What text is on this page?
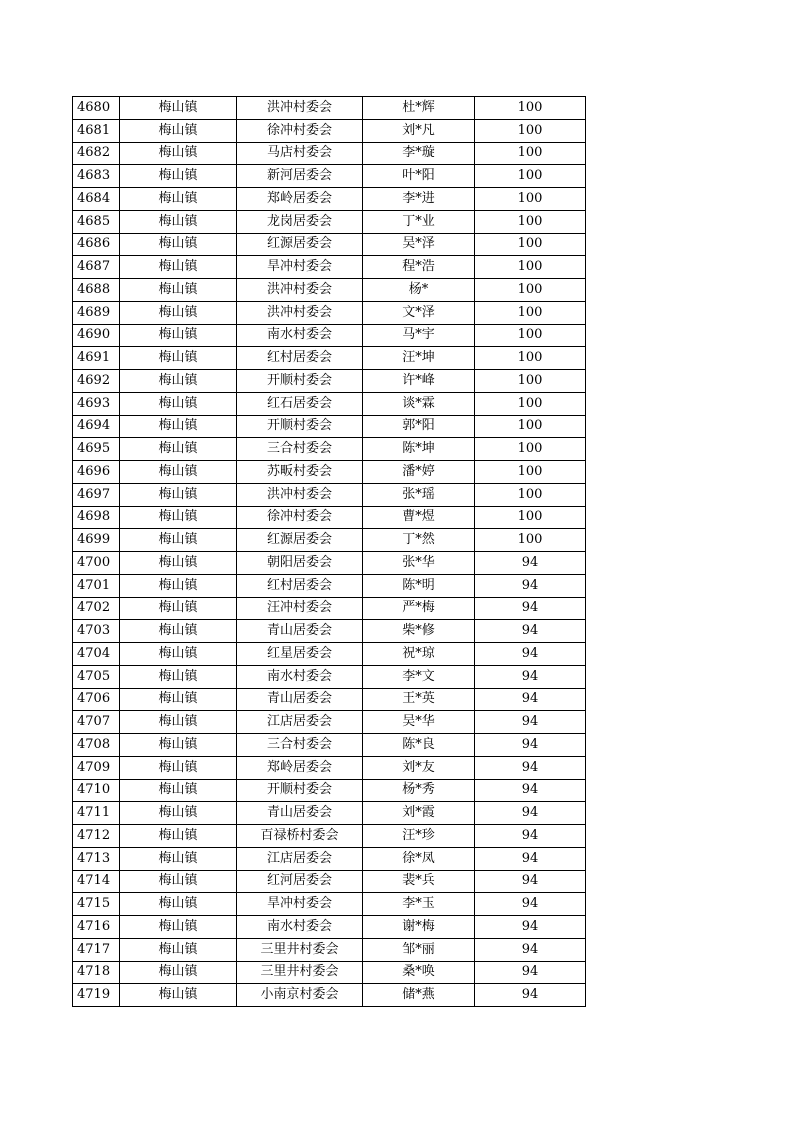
4680	梅山镇	洪冲村委会	杜*辉	100
4681	梅山镇	徐冲村委会	刘*凡	100
4682	梅山镇	马店村委会	李*璇	100
4683	梅山镇	新河居委会	叶*阳	100
4684	梅山镇	郑岭居委会	李*进	100
4685	梅山镇	龙岗居委会	丁*业	100
4686	梅山镇	红源居委会	吴*泽	100
4687	梅山镇	旱冲村委会	程*浩	100
4688	梅山镇	洪冲村委会	杨*	100
4689	梅山镇	洪冲村委会	文*泽	100
4690	梅山镇	南水村委会	马*宇	100
4691	梅山镇	红村居委会	汪*坤	100
4692	梅山镇	开顺村委会	许*峰	100
4693	梅山镇	红石居委会	谈*霖	100
4694	梅山镇	开顺村委会	郭*阳	100
4695	梅山镇	三合村委会	陈*坤	100
4696	梅山镇	苏畈村委会	潘*婷	100
4697	梅山镇	洪冲村委会	张*瑶	100
4698	梅山镇	徐冲村委会	曹*煜	100
4699	梅山镇	红源居委会	丁*然	100
4700	梅山镇	朝阳居委会	张*华	94
4701	梅山镇	红村居委会	陈*明	94
4702	梅山镇	汪冲村委会	严*梅	94
4703	梅山镇	青山居委会	柴*修	94
4704	梅山镇	红星居委会	祝*琼	94
4705	梅山镇	南水村委会	李*文	94
4706	梅山镇	青山居委会	王*英	94
4707	梅山镇	江店居委会	吴*华	94
4708	梅山镇	三合村委会	陈*良	94
4709	梅山镇	郑岭居委会	刘*友	94
4710	梅山镇	开顺村委会	杨*秀	94
4711	梅山镇	青山居委会	刘*霞	94
4712	梅山镇	百禄桥村委会	汪*珍	94
4713	梅山镇	江店居委会	徐*凤	94
4714	梅山镇	红河居委会	裴*兵	94
4715	梅山镇	旱冲村委会	李*玉	94
4716	梅山镇	南水村委会	谢*梅	94
4717	梅山镇	三里井村委会	邹*丽	94
4718	梅山镇	三里井村委会	桑*唤	94
4719	梅山镇	小南京村委会	储*燕	94
